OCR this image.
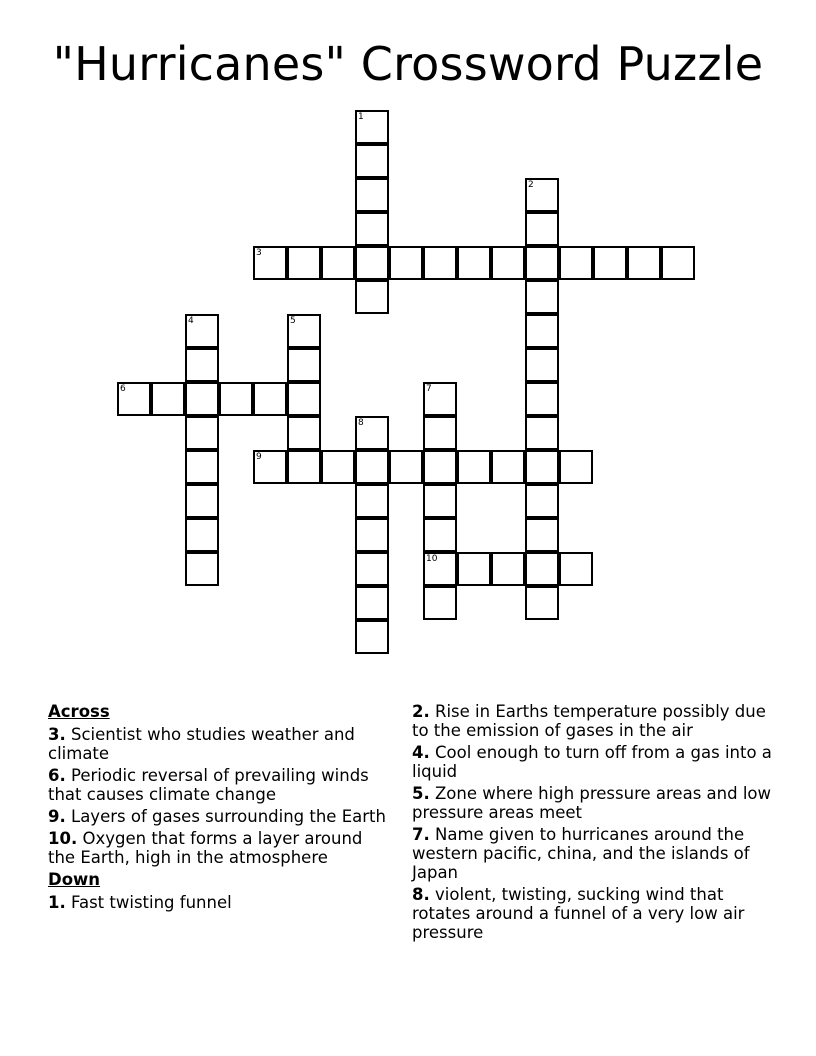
"Hurricanes" Crossword Puzzle
1
2
3
4	5
6	7
10
8
9
Across
3. Scientist who studies weather and climate
6. Periodic reversal of prevailing winds that causes climate change
9. Layers of gases surrounding the Earth
10. Oxygen that forms a layer around the Earth, high in the atmosphere
Down
1. Fast twisting funnel
2. Rise in Earths temperature possibly due to the emission of gases in the air
4. Cool enough to turn off from a gas into a liquid
5. Zone where high pressure areas and low pressure areas meet
7. Name given to hurricanes around the western pacific, china, and the islands of Japan
8. violent, twisting, sucking wind that rotates around a funnel of a very low air pressure
